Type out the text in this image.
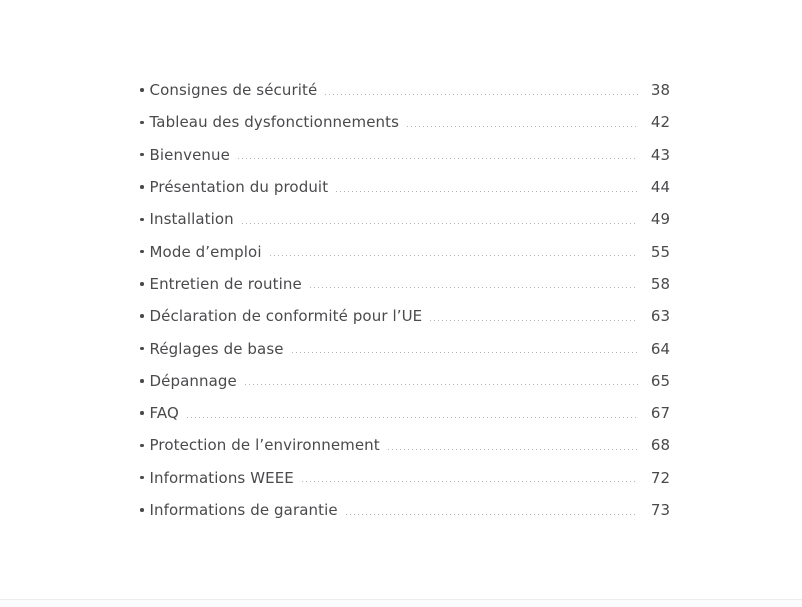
Consignes de sécurité	38
Tableau des dysfonctionnements	42
Bienvenue	43
Présentation du produit	44
Installation	49
Mode d’emploi	55
Entretien de routine	58
Déclaration de conformité pour l’UE	63
Réglages de base	64
Dépannage	65
FAQ	67
Protection de l’environnement	68
Informations WEEE	72
Informations de garantie	73
